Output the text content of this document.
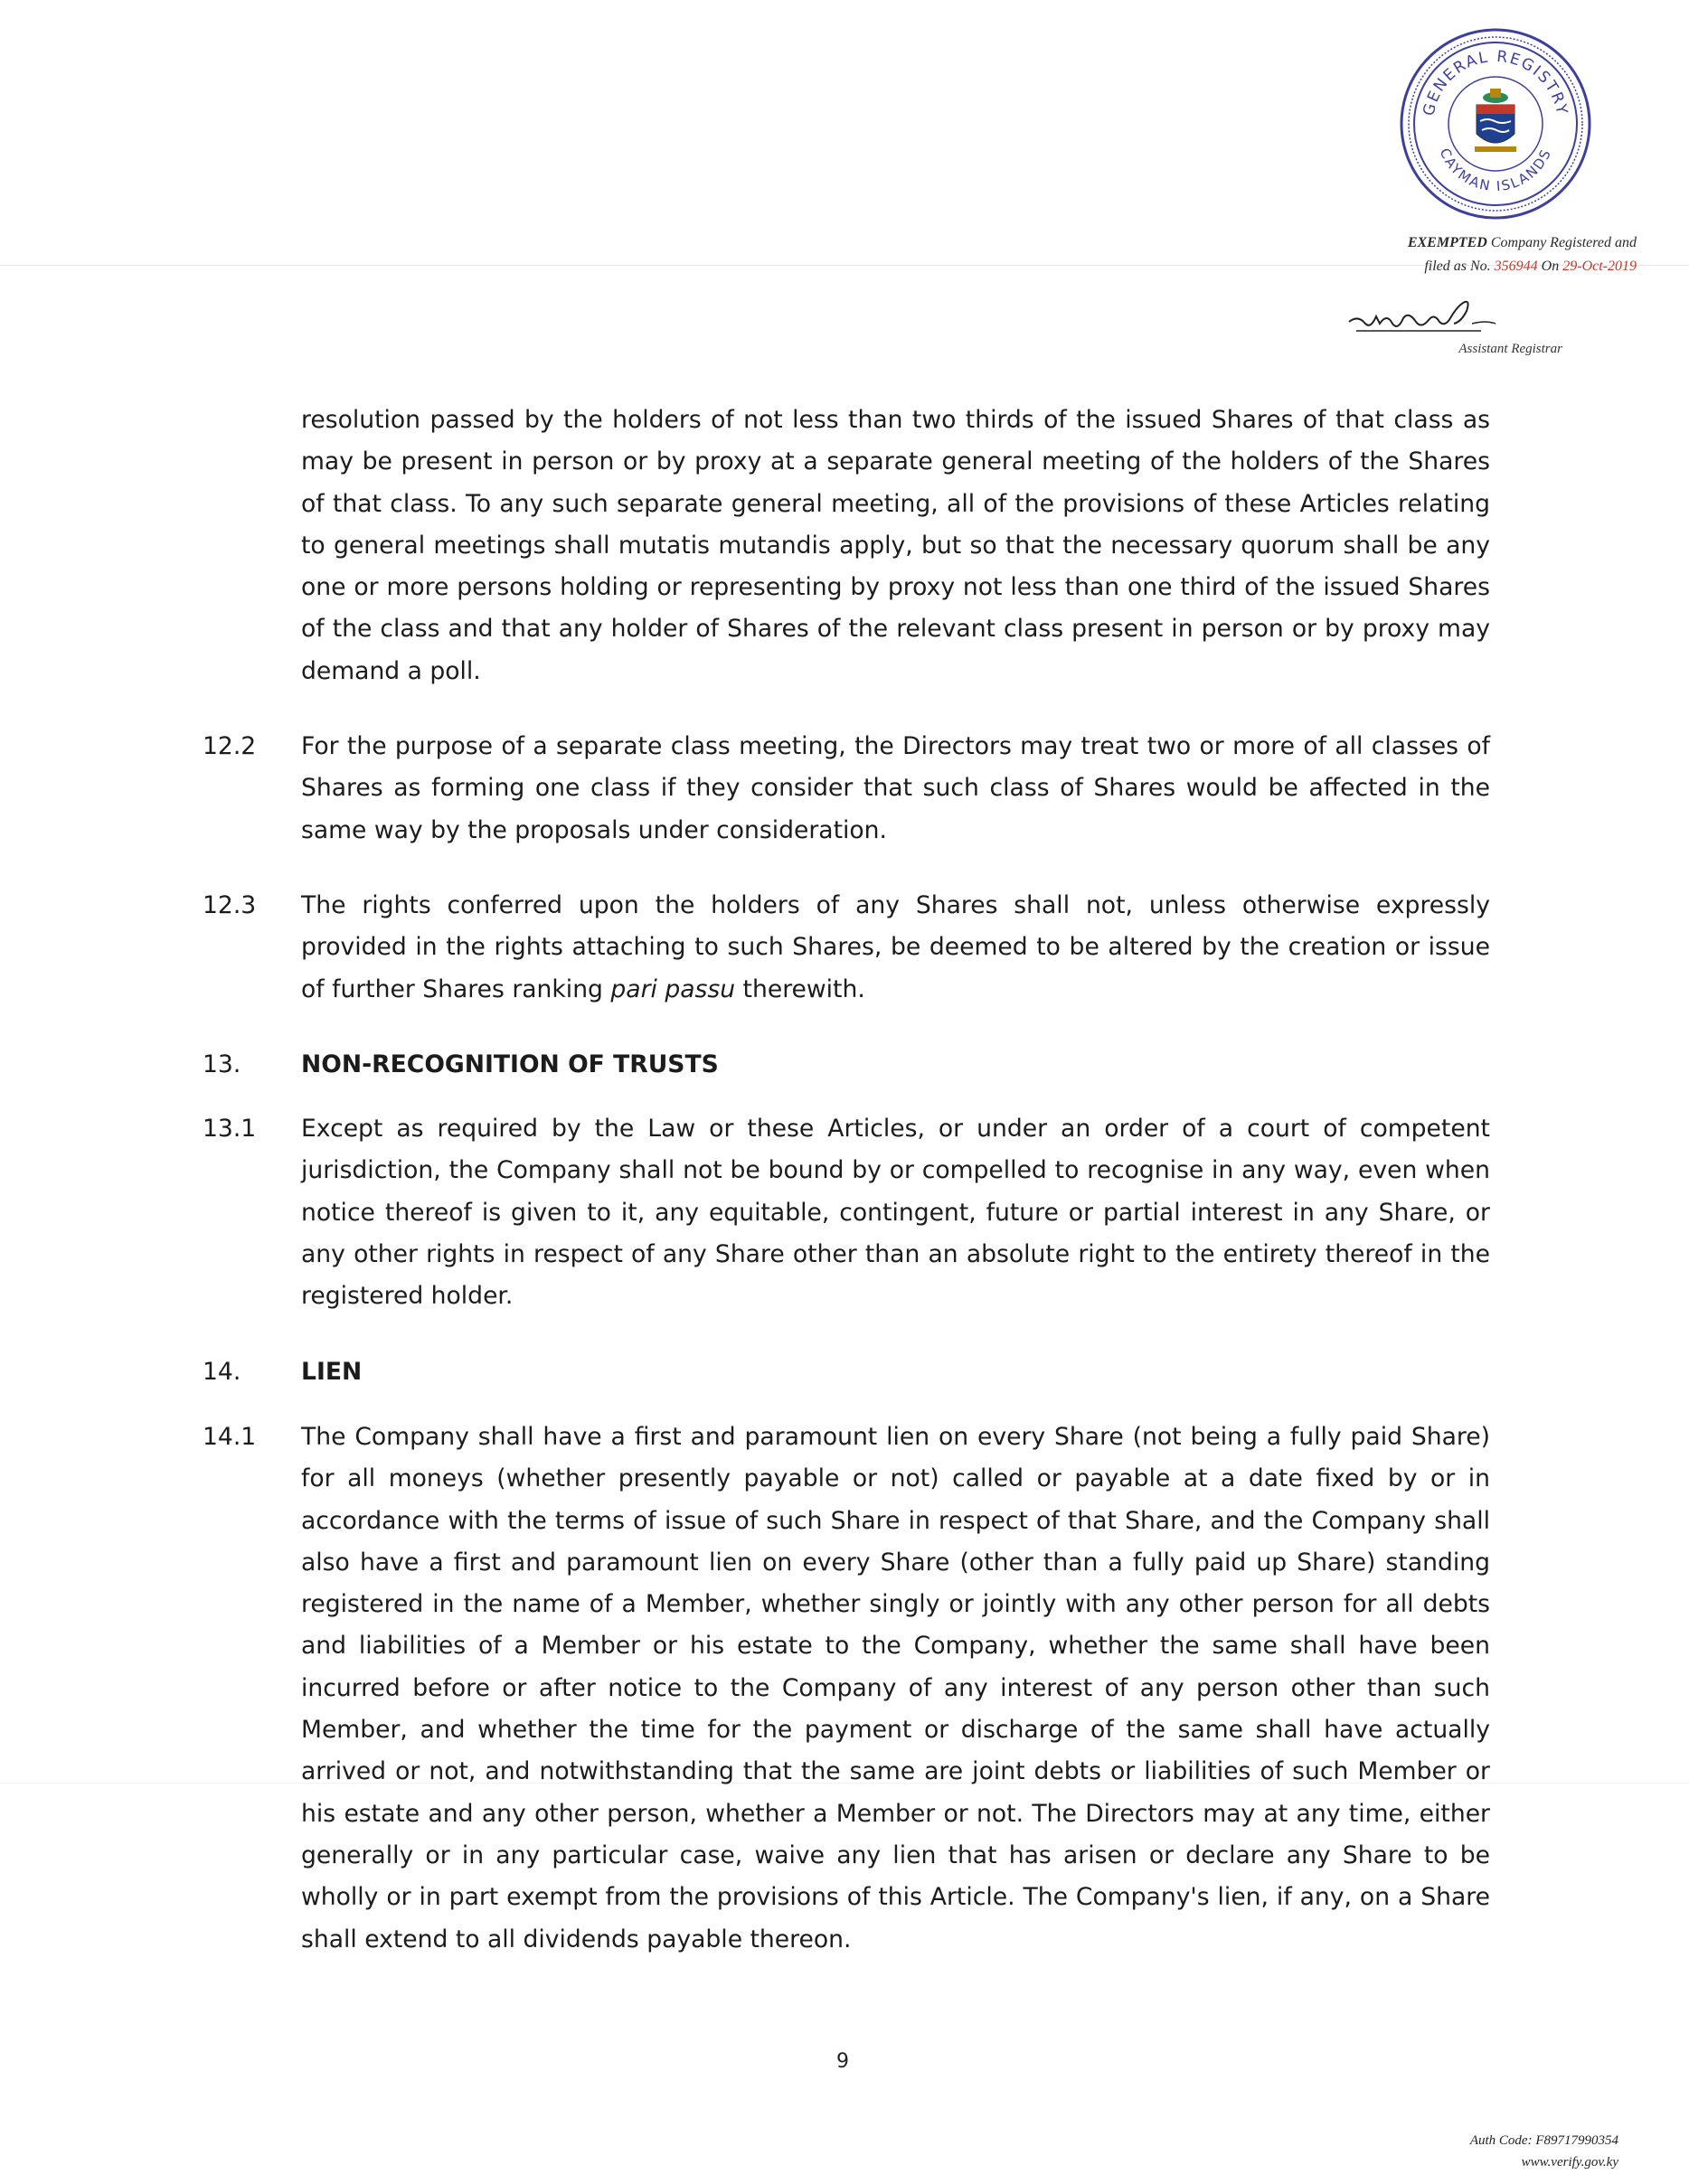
GENERAL REGISTRY
CAYMAN ISLANDS
EXEMPTED Company Registered and
filed as No. 356944 On 29-Oct-2019
Assistant Registrar

resolution passed by the holders of not less than two thirds of the issued Shares of that class as may be present in person or by proxy at a separate general meeting of the holders of the Shares of that class. To any such separate general meeting, all of the provisions of these Articles relating to general meetings shall mutatis mutandis apply, but so that the necessary quorum shall be any one or more persons holding or representing by proxy not less than one third of the issued Shares of the class and that any holder of Shares of the relevant class present in person or by proxy may demand a poll.

12.2 For the purpose of a separate class meeting, the Directors may treat two or more of all classes of Shares as forming one class if they consider that such class of Shares would be affected in the same way by the proposals under consideration.

12.3 The rights conferred upon the holders of any Shares shall not, unless otherwise expressly provided in the rights attaching to such Shares, be deemed to be altered by the creation or issue of further Shares ranking pari passu therewith.

13.	NON-RECOGNITION OF TRUSTS

13.1 Except as required by the Law or these Articles, or under an order of a court of competent jurisdiction, the Company shall not be bound by or compelled to recognise in any way, even when notice thereof is given to it, any equitable, contingent, future or partial interest in any Share, or any other rights in respect of any Share other than an absolute right to the entirety thereof in the registered holder.

14.	LIEN

14.1 The Company shall have a first and paramount lien on every Share (not being a fully paid Share) for all moneys (whether presently payable or not) called or payable at a date fixed by or in accordance with the terms of issue of such Share in respect of that Share, and the Company shall also have a first and paramount lien on every Share (other than a fully paid up Share) standing registered in the name of a Member, whether singly or jointly with any other person for all debts and liabilities of a Member or his estate to the Company, whether the same shall have been incurred before or after notice to the Company of any interest of any person other than such Member, and whether the time for the payment or discharge of the same shall have actually arrived or not, and notwithstanding that the same are joint debts or liabilities of such Member or his estate and any other person, whether a Member or not. The Directors may at any time, either generally or in any particular case, waive any lien that has arisen or declare any Share to be wholly or in part exempt from the provisions of this Article. The Company's lien, if any, on a Share shall extend to all dividends payable thereon.

9
Auth Code: F89717990354
www.verify.gov.ky
